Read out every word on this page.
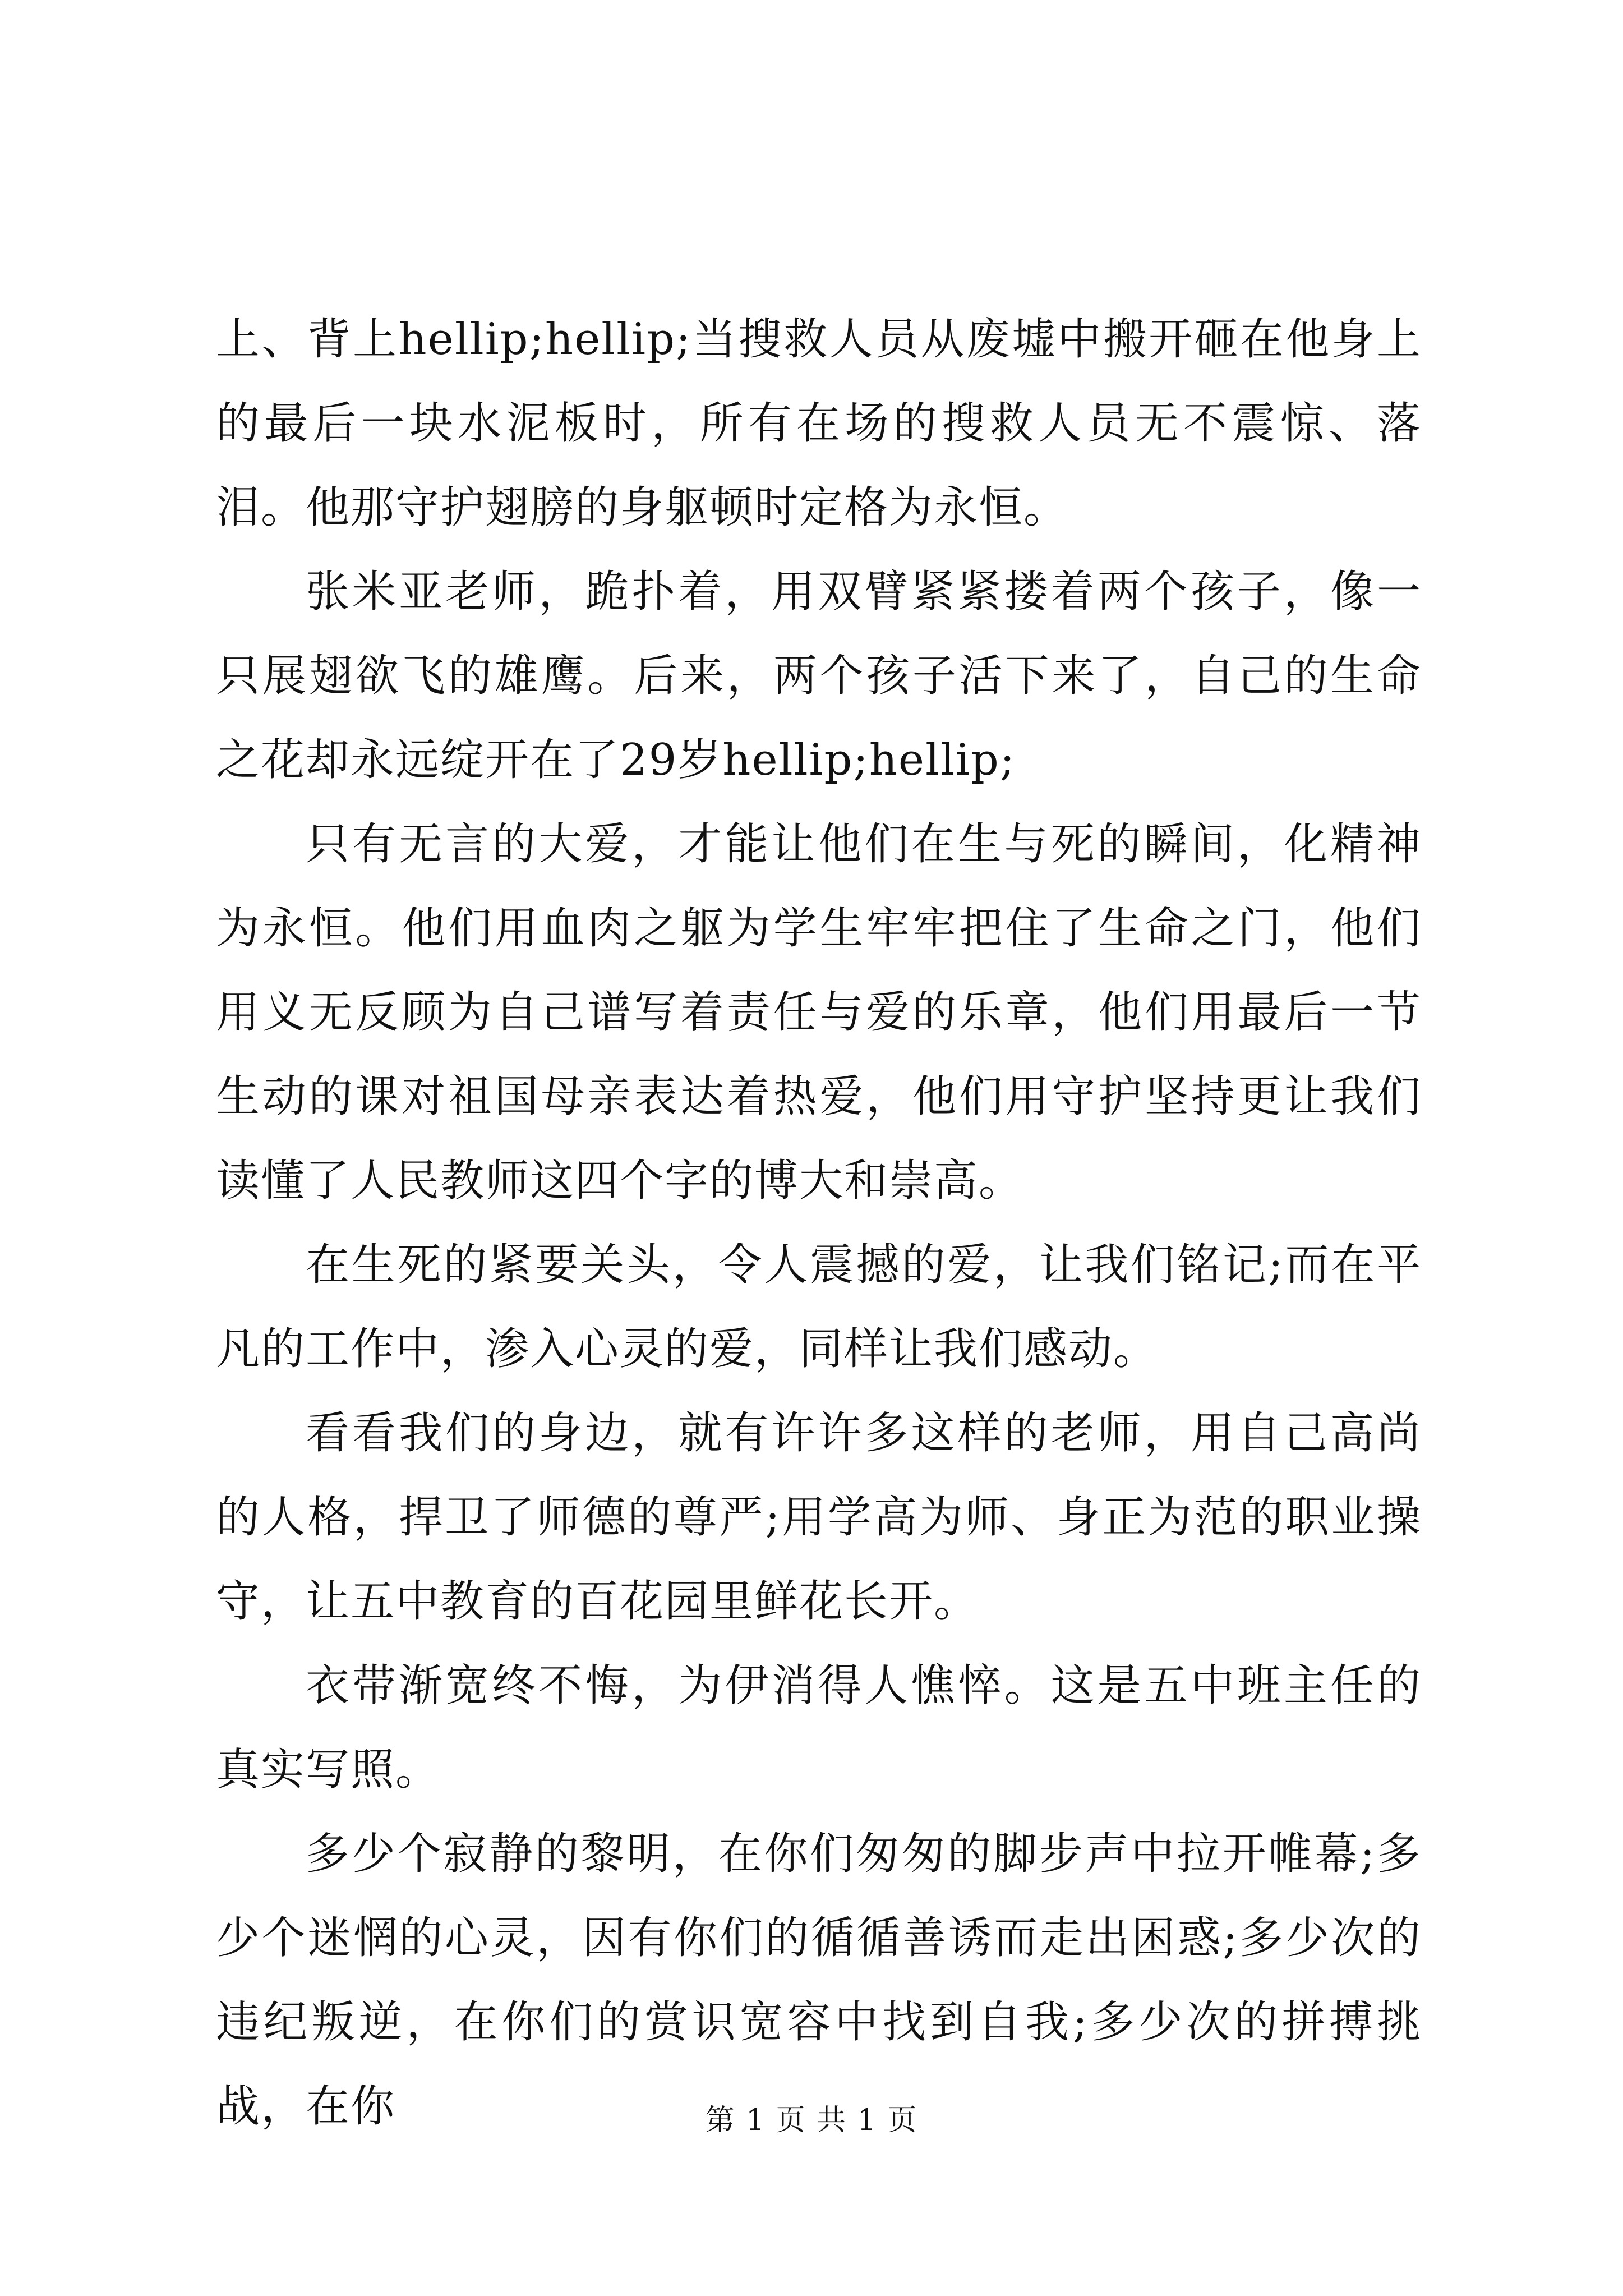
上、背上hellip;hellip;当搜救人员从废墟中搬开砸在他身上的最后一块水泥板时，所有在场的搜救人员无不震惊、落泪。他那守护翅膀的身躯顿时定格为永恒。

张米亚老师，跪扑着，用双臂紧紧搂着两个孩子，像一只展翅欲飞的雄鹰。后来，两个孩子活下来了，自己的生命之花却永远绽开在了29岁hellip;hellip;

只有无言的大爱，才能让他们在生与死的瞬间，化精神为永恒。他们用血肉之躯为学生牢牢把住了生命之门，他们用义无反顾为自己谱写着责任与爱的乐章，他们用最后一节生动的课对祖国母亲表达着热爱，他们用守护坚持更让我们读懂了人民教师这四个字的博大和崇高。

在生死的紧要关头，令人震撼的爱，让我们铭记;而在平凡的工作中，渗入心灵的爱，同样让我们感动。

看看我们的身边，就有许许多这样的老师，用自己高尚的人格，捍卫了师德的尊严;用学高为师、身正为范的职业操守，让五中教育的百花园里鲜花长开。

衣带渐宽终不悔，为伊消得人憔悴。这是五中班主任的真实写照。

多少个寂静的黎明，在你们匆匆的脚步声中拉开帷幕;多少个迷惘的心灵，因有你们的循循善诱而走出困惑;多少次的违纪叛逆，在你们的赏识宽容中找到自我;多少次的拼搏挑战，在你	第 1 页 共 1 页
